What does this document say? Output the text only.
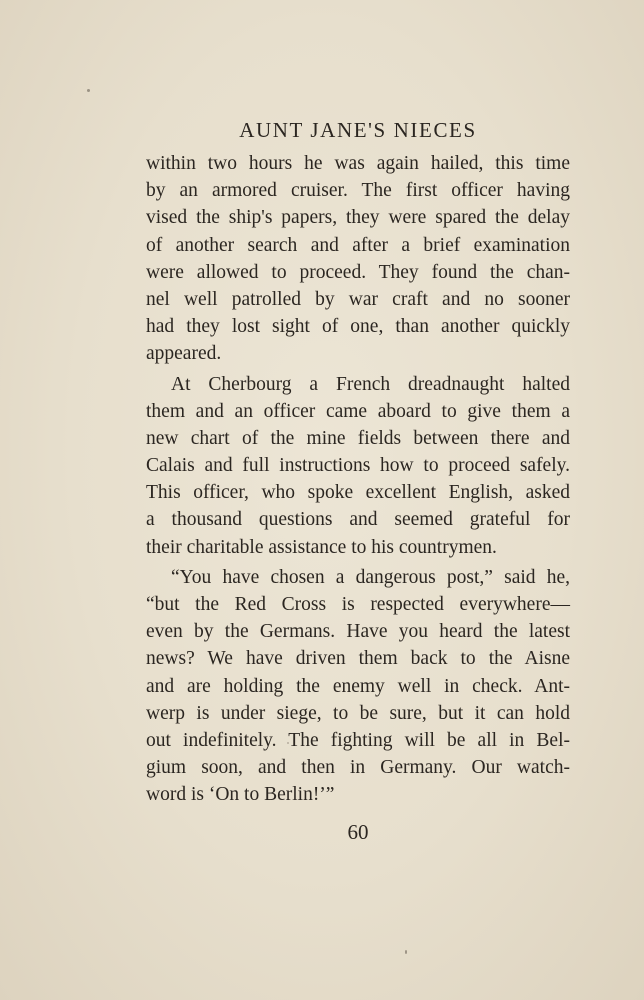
AUNT JANE'S NIECES
within two hours he was again hailed, this time
by an armored cruiser. The first officer having
vised the ship's papers, they were spared the delay
of another search and after a brief examination
were allowed to proceed. They found the chan-
nel well patrolled by war craft and no sooner
had they lost sight of one, than another quickly
appeared.
At Cherbourg a French dreadnaught halted
them and an officer came aboard to give them a
new chart of the mine fields between there and
Calais and full instructions how to proceed safely.
This officer, who spoke excellent English, asked
a thousand questions and seemed grateful for
their charitable assistance to his countrymen.
“You have chosen a dangerous post,” said he,
“but the Red Cross is respected everywhere—
even by the Germans. Have you heard the latest
news? We have driven them back to the Aisne
and are holding the enemy well in check. Ant-
werp is under siege, to be sure, but it can hold
out indefinitely. The fighting will be all in Bel-
gium soon, and then in Germany. Our watch-
word is ‘On to Berlin!’”
60
